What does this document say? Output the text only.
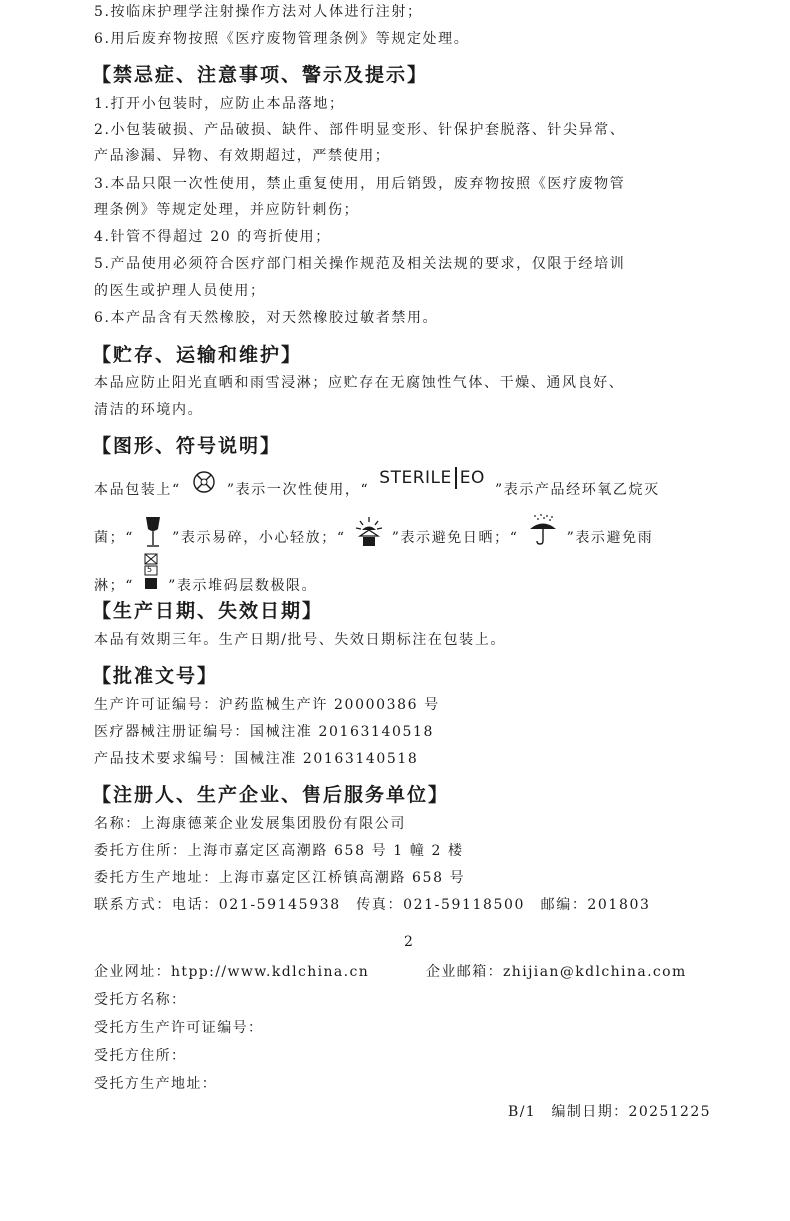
5.按临床护理学注射操作方法对人体进行注射；
6.用后废弃物按照《医疗废物管理条例》等规定处理。
【禁忌症、注意事项、警示及提示】
1.打开小包装时，应防止本品落地；
2.小包装破损、产品破损、缺件、部件明显变形、针保护套脱落、针尖异常、
产品渗漏、异物、有效期超过，严禁使用；
3.本品只限一次性使用，禁止重复使用，用后销毁，废弃物按照《医疗废物管
理条例》等规定处理，并应防针刺伤；
4.针管不得超过 20 的弯折使用；
5.产品使用必须符合医疗部门相关操作规范及相关法规的要求，仅限于经培训
的医生或护理人员使用；
6.本产品含有天然橡胶，对天然橡胶过敏者禁用。
【贮存、运输和维护】
本品应防止阳光直晒和雨雪浸淋；应贮存在无腐蚀性气体、干燥、通风良好、
清洁的环境内。
【图形、符号说明】
本品包装上“	”表示一次性使用，“ STERILE EO ”表示产品经环氧乙烷灭
菌；“	”表示易碎，小心轻放；“	”表示避免日晒；“	”表示避免雨
淋；“
5
”表示堆码层数极限。
【生产日期、失效日期】
本品有效期三年。生产日期/批号、失效日期标注在包装上。
【批准文号】
生产许可证编号：沪药监械生产许 20000386 号
医疗器械注册证编号：国械注准 20163140518
产品技术要求编号：国械注准 20163140518
【注册人、生产企业、售后服务单位】
名称：上海康德莱企业发展集团股份有限公司
委托方住所：上海市嘉定区高潮路 658 号 1 幢 2 楼
委托方生产地址：上海市嘉定区江桥镇高潮路 658 号
联系方式：电话：021-59145938　传真：021-59118500　邮编：201803
2
企业网址：htpp://www.kdlchina.cn	企业邮箱：zhijian@kdlchina.com
受托方名称：
受托方生产许可证编号：
受托方住所：
受托方生产地址：
B/1　编制日期：20251225
